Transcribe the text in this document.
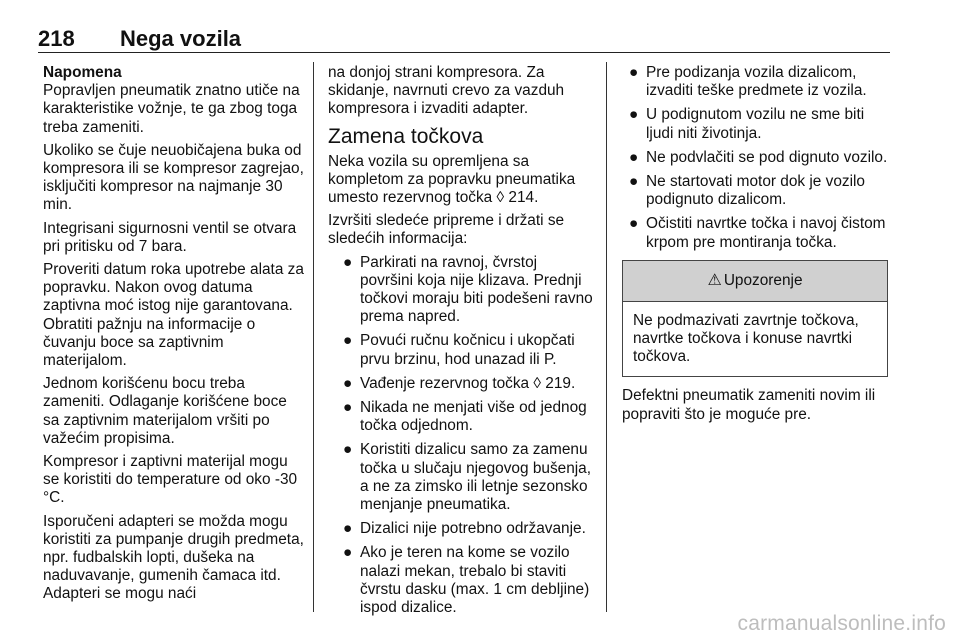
218 Nega vozila

Napomena

Popravljen pneumatik znatno utiče na karakteristike vožnje, te ga zbog toga treba zameniti.

Ukoliko se čuje neuobičajena buka od kompresora ili se kompresor zagrejao, isključiti kompresor na najmanje 30 min.

Integrisani sigurnosni ventil se otvara pri pritisku od 7 bara.

Proveriti datum roka upotrebe alata za popravku. Nakon ovog datuma zaptivna moć istog nije garantovana. Obratiti pažnju na informacije o čuvanju boce sa zaptivnim materijalom.

Jednom korišćenu bocu treba zameniti. Odlaganje korišćene boce sa zaptivnim materijalom vršiti po važećim propisima.

Kompresor i zaptivni materijal mogu se koristiti do temperature od oko -30 °C.

Isporučeni adapteri se možda mogu koristiti za pumpanje drugih predmeta, npr. fudbalskih lopti, dušeka na naduvavanje, gumenih čamaca itd. Adapteri se mogu naći

na donjoj strani kompresora. Za skidanje, navrnuti crevo za vazduh kompresora i izvaditi adapter.

Zamena točkova

Neka vozila su opremljena sa kompletom za popravku pneumatika umesto rezervnog točka ◊ 214.

Izvršiti sledeće pripreme i držati se sledećih informacija:

● Parkirati na ravnoj, čvrstoj površini koja nije klizava. Prednji točkovi moraju biti podešeni ravno prema napred.
● Povući ručnu kočnicu i ukopčati prvu brzinu, hod unazad ili P.
● Vađenje rezervnog točka ◊ 219.
● Nikada ne menjati više od jednog točka odjednom.
● Koristiti dizalicu samo za zamenu točka u slučaju njegovog bušenja, a ne za zimsko ili letnje sezonsko menjanje pneumatika.
● Dizalici nije potrebno održavanje.
● Ako je teren na kome se vozilo nalazi mekan, trebalo bi staviti čvrstu dasku (max. 1 cm debljine) ispod dizalice.
● Pre podizanja vozila dizalicom, izvaditi teške predmete iz vozila.
● U podignutom vozilu ne sme biti ljudi niti životinja.
● Ne podvlačiti se pod dignuto vozilo.
● Ne startovati motor dok je vozilo podignuto dizalicom.
● Očistiti navrtke točka i navoj čistom krpom pre montiranja točka.
⚠ Upozorenje
Ne podmazivati zavrtnje točkova, navrtke točkova i konuse navrtki točkova.

Defektni pneumatik zameniti novim ili popraviti što je moguće pre.

carmanualsonline.info
